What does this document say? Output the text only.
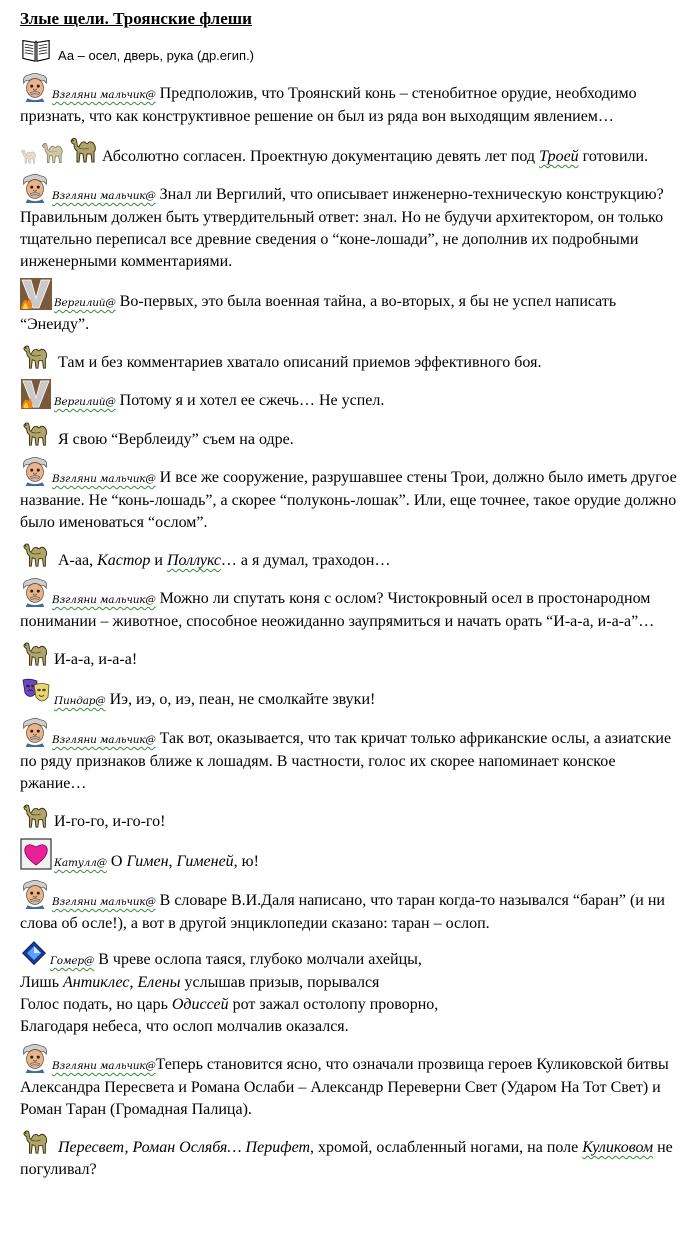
Злые щели. Троянские флеши

Аа – осел, дверь, рука (др.егип.)

Взгляни мальчик@ Предположив, что Троянский конь – стенобитное орудие, необходимо признать, что как конструктивное решение он был из ряда вон выходящим явлением…

Абсолютно согласен. Проектную документацию девять лет под Троей готовили.

Взгляни мальчик@ Знал ли Вергилий, что описывает инженерно-техническую конструкцию? Правильным должен быть утвердительный ответ: знал. Но не будучи архитектором, он только тщательно переписал все древние сведения о “коне-лошади”, не дополнив их подробными инженерными комментариями.

Вергилий@ Во-первых, это была военная тайна, а во-вторых, я бы не успел написать “Энеиду”.

Там и без комментариев хватало описаний приемов эффективного боя.

Вергилий@ Потому я и хотел ее сжечь… Не успел.

Я свою “Верблеиду” съем на одре.

Взгляни мальчик@ И все же сооружение, разрушавшее стены Трои, должно было иметь другое название. Не “конь-лошадь”, а скорее “полуконь-лошак”. Или, еще точнее, такое орудие должно было именоваться “ослом”.

А-аа, Кастор и Поллукс… а я думал, траходон…

Взгляни мальчик@ Можно ли спутать коня с ослом? Чистокровный осел в простонародном понимании – животное, способное неожиданно заупрямиться и начать орать “И-а-а, и-а-а”…

И-а-а, и-а-а!

Пиндар@ Иэ, иэ, о, иэ, пеан, не смолкайте звуки!

Взгляни мальчик@ Так вот, оказывается, что так кричат только африканские ослы, а азиатские по ряду признаков ближе к лошадям. В частности, голос их скорее напоминает конское ржание…

И-го-го, и-го-го!

Катулл@ О Гимен, Гименей, ю!

Взгляни мальчик@ В словаре В.И.Даля написано, что таран когда-то назывался “баран” (и ни слова об осле!), а вот в другой энциклопедии сказано: таран – ослоп.

Гомер@ В чреве ослопа таяся, глубоко молчали ахейцы,

Лишь Антиклес, Елены услышав призыв, порывался

Голос подать, но царь Одиссей рот зажал остолопу проворно,

Благодаря небеса, что ослоп молчалив оказался.

Взгляни мальчик@Теперь становится ясно, что означали прозвища героев Куликовской битвы Александра Пересвета и Романа Ослаби – Александр Переверни Свет (Ударом На Тот Свет) и Роман Таран (Громадная Палица).

Пересвет, Роман Ослябя… Перифет, хромой, ослабленный ногами, на поле Куликовом не погуливал?
